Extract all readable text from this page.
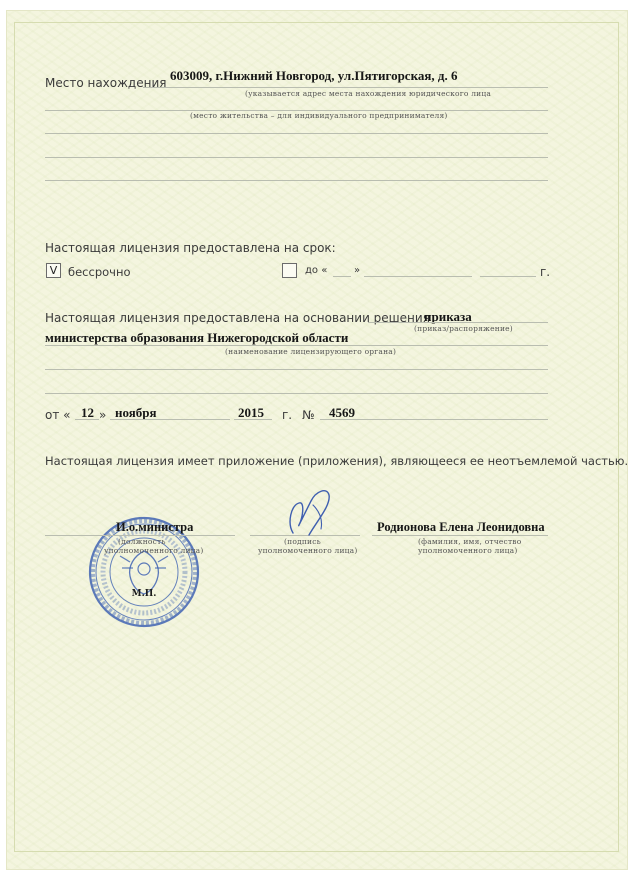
Место нахождения 603009, г.Нижний Новгород, ул.Пятигорская, д. 6
(указывается адрес места нахождения юридического лица
(место жительства – для индивидуального предпринимателя)
Настоящая лицензия предоставлена на срок:
V бессрочно	до «	»	г.
Настоящая лицензия предоставлена на основании решения
приказа
(приказ/распоряжение)
министерства образования Нижегородской области
(наименование лицензирующего органа)
от « 12 » ноября	2015 г. № 4569
Настоящая лицензия имеет приложение (приложения), являющееся ее неотъемлемой частью.
М.П.
И.о.министра
(должность
уполномоченного лица)
(подпись
уполномоченного лица)
Родионова Елена Леонидовна
(фамилия, имя, отчество
уполномоченного лица)
